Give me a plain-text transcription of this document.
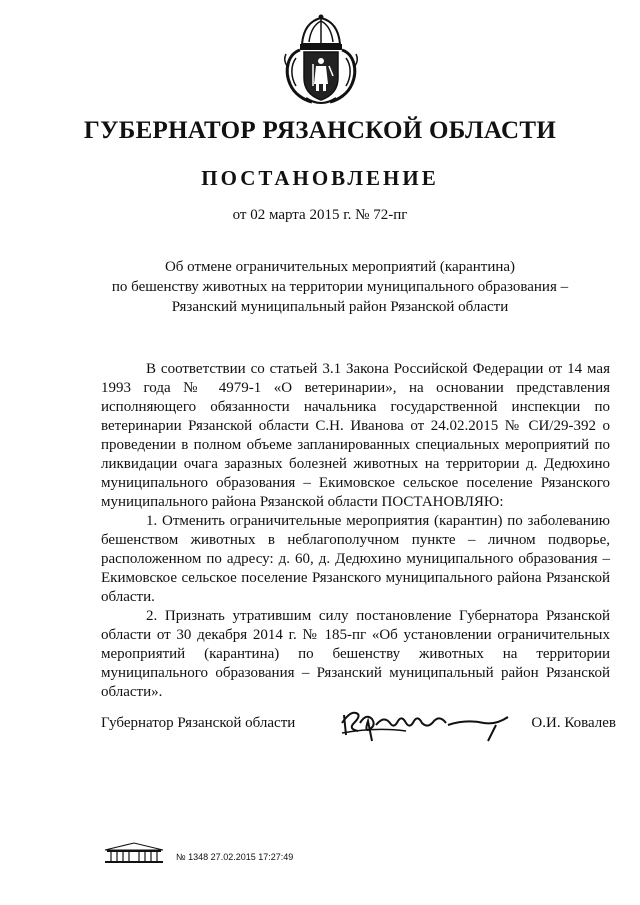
ГУБЕРНАТОР РЯЗАНСКОЙ ОБЛАСТИ
ПОСТАНОВЛЕНИЕ
от 02 марта 2015 г. № 72-пг
Об отмене ограничительных мероприятий (карантина)
по бешенству животных на территории муниципального образования –
Рязанский муниципальный район Рязанской области

В соответствии со статьей 3.1 Закона Российской Федерации от 14 мая 1993 года № 4979-1 «О ветеринарии», на основании представления исполняющего обязанности начальника государственной инспекции по ветеринарии Рязанской области С.Н. Иванова от 24.02.2015 № СИ/29-392 о проведении в полном объеме запланированных специальных мероприятий по ликвидации очага заразных болезней животных на территории д. Дедюхино муниципального образования – Екимовское сельское поселение Рязанского муниципального района Рязанской области ПОСТАНОВЛЯЮ:

1. Отменить ограничительные мероприятия (карантин) по заболеванию бешенством животных в неблагополучном пункте – личном подворье, расположенном по адресу: д. 60, д. Дедюхино муниципального образования – Екимовское сельское поселение Рязанского муниципального района Рязанской области.

2. Признать утратившим силу постановление Губернатора Рязанской области от 30 декабря 2014 г. № 185-пг «Об установлении ограничительных мероприятий (карантина) по бешенству животных на территории муниципального образования – Рязанский муниципальный район Рязанской области».

Губернатор Рязанской области	О.И. Ковалев
№ 1348 27.02.2015 17:27:49
